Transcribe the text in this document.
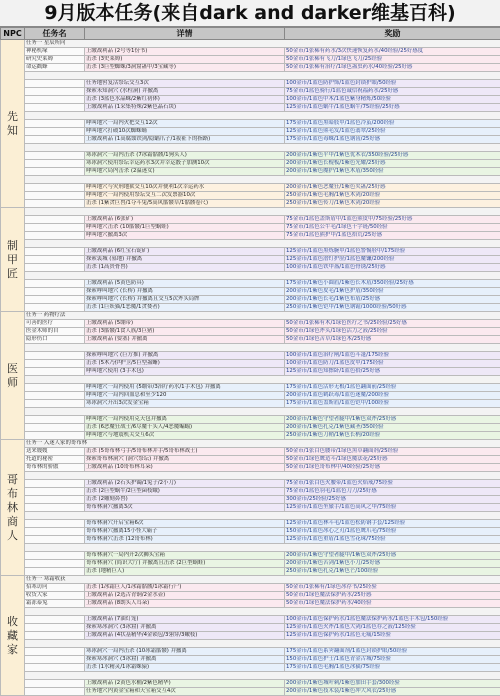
9月版本任务(来自dark and darker维基百科)
NPC	任务名	详情	奖励
先
知	任务一 星辰所向		
	神秘机缘	上缴战利品 (2号等1份书)	50金币/1张稀有药水/3次快速恢复药水/40经验/25好感度
	研究史莱姆	击杀 (3史莱姆)	50金币/1张稀有飞刀/1绿色飞刀/25经验
	命运戳蜂	击杀 (3巨型蜘蛛/3洞窟蛊甲/3宝藏等)	50金币/1张稀有治疗/1绿色蛊虫药水/40经验/25好感

		任务地窖复活祭坛交互3次	100金币/1蓝色防护饰/1蓝色封锁护眼/50经验
		探索未知洞穴 (水柱洞) 并撤离	75金币/1蓝色骑行/1蓝色诚信祝福药水/25好感
		击杀 (3蓝色水晶蛛/2紫红初体)	100金币/1蓝色中木/1蓝色紫身精炼/50经验
		上缴战利品 (1采集特殊/2紫色晶石块)	125金币/1蓝色蜗牛/1蓝色蜗牛/75经验/25好感

		哮叫地穴一局内火把交互12次	175金币/1蓝色黑暗肢甲/1蓝色冷茧/200经验
		哮叫地穴打破10次蜘蛛蛹	125金币/1蓝色熊毛发/1蓝色翡翠/25经验
		上缴战利品 (1高腐蚀铁剑/隐蝠爪子/1祓祉下的指路)	175金币/1蓝色毒蛛/1蓝色钢齿/25好感

		寒冰洞穴一局内击杀 (7冰霜骷髅/1狗头人)	200金币/1紫色平甲/1紫色优木衣/350经验/25好感
		寒冰洞穴使用祭坛幸运药水3次并幸运骰子加测10次	200金币/1紫色长棍板/1紫色光耀/25好感
		哮叫地穴局内击杀 (2温迷女)	200金币/1紫色魔护/1紫色木盾/350经验

		哮叫地穴与灾刑地狱交互10次并便利1次幸运药水	200金币/1紫色恶魔狂/1紫色夹蛊/25好感
		哮叫地穴一局内使用祭坛交互二次发票器10次	250金币/1紫色毛胸/1紫色木剑/20经验
		击杀 (1紫贪巨兽/1夺斗兔/5高风骷髅草/1骷髅卷尺)	250金币/1紫色传刀/1紫色木剑/20经验
制
甲
匠			
		上缴战利品 (6张矿)	75金币/1蓝色盖斯盾甲/1蓝色熊皮甲/75经验/25好感
		哮叫地穴击杀 (10骷髅/1巨型蜗蛙)	75金币/1蓝色公牛毛/1绿色十字链/50经验
		哮叫地穴撤离3次	75金币/1蓝色熊护甲/1蓝色拾荒/25好感

		上缴战利品 (6红宝石锭矿)	125金币/1蓝色黑炼腕甲/1蓝色警惕胫甲/175经验
		探索衷城 (墓地) 并撤离	125金币/1蓝色潜钉护胫/1蓝色魔镰/200经验
		击杀 (1高贵骨兽)	100金币/1蓝色铁甲盔/1蓝色骨锈/25好感

		上缴战利品 (5黄色防具)	175金币/1紫色小圆盾/1紫色长木盾/350经验/25好感
		探索哮叫地穴 (长桥) 并撤离	200金币/1紫色皮毛/1紫色护盾/350经验
		探索哮叫地穴 (长桥) 并撤离且交互5次斧头局牌	200金币/1紫色长毛/1紫色布盾/25好感
		击杀 (1巨妖猫/1恶魔/1贪婪者)	250金币/1紫色铠甲/1紫色钢锯/1000经验/50好感
医
师	任务一 药物疗法		
	可善的医疗	上缴战利品 (5绷带)	50金币/1张稀有木/1绿色医疗之书/25经验/25好感
	医金术师的自	击杀 (3骷髅/1食人族/3巨猪)	50金币/1绿色斧头/1绿色活力之液/25经验
	隐形伤口	上缴战利品 (要塞) 并撤离	50金币/1绿色苦草/1绿色木/25好感

		探索哮叫地穴 (巨方推) 并撤离	100金币/1蓝色治疗闸/1蓝色斗篷/175经验
		击杀 (5木乃伊护卫/5巨型蛊蜥)	100金币/1蓝色防刀/1蓝色皮甲/175经验
		哮叫地穴使用 (3手术包)	125金币/1蓝色知擦卧/1蓝色拾/25好感

		哮叫地穴一局内使用 (5绷带/3治疗药水/1手术包) 并撤离	175金币/1蓝色活形无根/1蓝色翻面前/25经验
		哮叫地穴一局内回血总和至少120	200金币/1蓝色鹤跃毒/1蓝色迷魔/200经验
		寒冰洞穴开出3次发金宝箱	175金币/1蓝色盖斯盾/1蓝色铠甲/100经验

		哮叫地穴一局内使用克天包并撤离	200金币/1紫色守望者腿甲/1紫色双斧/25好感
		击杀 (6恶魔狂战士/6尽魔千头人/4恶魔蝙蝠)	200金币/1紫色扎克/1紫色藏圣/350经验
		哮叫地穴与地震机关交互6次	250金币/1紫色刀鞘/1紫色长柄/20经验
哥
布
林
商
人	任务一 入迷人家的哥布林		
	送来嫂嫂	击杀 (5哥布林弓手/5哥布林并手/5哥布林战士)	50金币/1张白色腰带/1绿色黑草翻面剂/25经验
	托道的秘密	探索哥布林洞穴 (洞穴祭坛) 并撤离	50金币/1绿色鹰造斗/1绿色魔法花/25好感
	哥布林的骄傲	上缴战利品 (10哥布林耳朵)	50金币/1绿色哥布林甲/40经验/25好感

		上缴战利品 (2石头护镯/1兔子/2小刀)	75金币/1张白色火腰带/1蓝色火焰戒/75经验
		击杀 (2巨型蜗牛/2巨型菌枝蛾)	75金币/1蓝色羽毛/1蓝色刀刀/25好感
		击杀 (2雕刻鼻兽)	300金币/25经验/25好感
		哥布林洞穴撤离3次	125金币/1蓝色坐旅手/1蓝色高风之甲/75经验

		哥布林洞穴开启宝箱6次	125金币/1蓝色林斗毛/1蓝色松防钢手套/125经验
		哥布林洞穴撤离15小怪大霸子	150金币/1蓝色冰心之刃/1蓝色鹰爪毛/75经验
		哥布林洞穴击杀 (12哥布林)	125金币/1蓝色重盾/1蓝色雪花珠/75经验

		哥布林洞穴一局内开2次狮头宝箱	200金币/1紫色守望者腿甲/1紫色双斧/25好感
		哥布林洞穴 (简识大厅) 并撤离且击杀 (2巨型蜗蛙)	200金币/1紫色苦剑/1紫色小刀/25好感
		击杀 (地精巨人)	250金币/1紫色扎克/1紫色芒/100经验
收
藏
家	任务一 寒霜收获		
	招寒访问	击杀 (1冰霜巨人/1冰霜骷髅/1冰霜行尸)	50金币/1张稀有/1绿色冰存书/25经验
	收货大家	上缴战利品 (2选古青铜/2金水壶)	50金币/1绿色魔法保护药水/25好感
	霜冻泰兔	上缴战利品 (8朗头人耳朵)	50金币/1绿色魔法保护药水/40经验

		上缴战利品 (7油灯笼)	100金币/1蓝色保护药水/1蓝色魔法保护药水/1蓝色手术包/150经验
		探索寒冰洞穴 (3冰窟) 并撤离	125金币/1蓝色火斧/1蓝色大剑/1蓝色存之液/125经验
		上缴战利品 (4状基精华/4金锁包/3翎穿/3嫩枝)	125金币/1蓝色保护药水/1蓝色无痛/15经验

		寒冰洞穴一局内击杀 (10冰霜骷髅) 并撤离	175金币/1蓝色系霁翻面剂/1蓝色封锁护眼/50经验
		探索寒冰洞穴 (3冰窟) 并撤离	150金币/1蓝色护士/1蓝色青金古城/75经验
		击杀 (1水精灵/1冰霜蛛猿)	175金币/1蓝色毛胸/1蓝色冰猫/75经验

		上缴战利品 (2黄色水桶/2紫色精华)	200金币/1紫色城叶刺/1紫色加田手套/300经验
		任务地穴内黄金宝箱和天宝箱交互4次	200金币/1紫色技术装/1紫色冲大风衣/25好感
